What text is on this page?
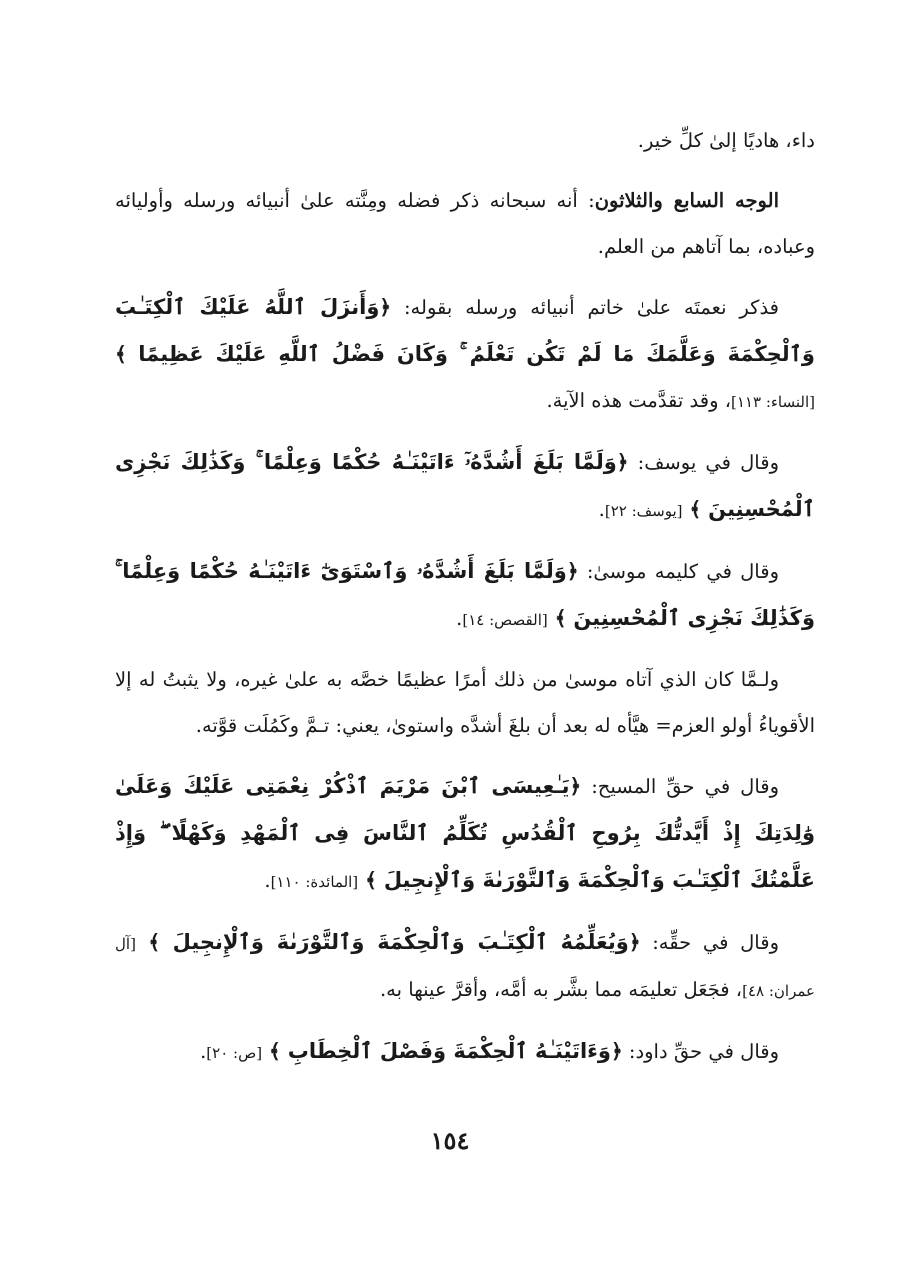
داء، هاديًا إلىٰ كلِّ خير.

الوجه السابع والثلاثون: أنه سبحانه ذكر فضله ومِنَّته علىٰ أنبيائه ورسله وأوليائه وعباده، بما آتاهم من العلم.

فذكر نعمتَه علىٰ خاتم أنبيائه ورسله بقوله: ﴿وَأَنزَلَ ٱللَّهُ عَلَيْكَ ٱلْكِتَـٰبَ وَٱلْحِكْمَةَ وَعَلَّمَكَ مَا لَمْ تَكُن تَعْلَمُ ۚ وَكَانَ فَضْلُ ٱللَّهِ عَلَيْكَ عَظِيمًا ﴾ [النساء: ١١٣]، وقد تقدَّمت هذه الآية.

وقال في يوسف: ﴿وَلَمَّا بَلَغَ أَشُدَّهُۥٓ ءَاتَيْنَـٰهُ حُكْمًا وَعِلْمًا ۚ وَكَذَٰلِكَ نَجْزِى ٱلْمُحْسِنِينَ ﴾ [يوسف: ٢٢].

وقال في كليمه موسىٰ: ﴿وَلَمَّا بَلَغَ أَشُدَّهُۥ وَٱسْتَوَىٰٓ ءَاتَيْنَـٰهُ حُكْمًا وَعِلْمًا ۚ وَكَذَٰلِكَ نَجْزِى ٱلْمُحْسِنِينَ ﴾ [القصص: ١٤].

ولـمَّا كان الذي آتاه موسىٰ من ذلك أمرًا عظيمًا خصَّه به علىٰ غيره، ولا يثبتُ له إلا الأقوياءُ أولو العزم= هيَّأه له بعد أن بلغَ أشدَّه واستوىٰ، يعني: تـمَّ وكَمُلَت قوَّته.

وقال في حقِّ المسيح: ﴿يَـٰعِيسَى ٱبْنَ مَرْيَمَ ٱذْكُرْ نِعْمَتِى عَلَيْكَ وَعَلَىٰ وَٰلِدَتِكَ إِذْ أَيَّدتُّكَ بِرُوحِ ٱلْقُدُسِ تُكَلِّمُ ٱلنَّاسَ فِى ٱلْمَهْدِ وَكَهْلًا ۖ وَإِذْ عَلَّمْتُكَ ٱلْكِتَـٰبَ وَٱلْحِكْمَةَ وَٱلتَّوْرَىٰةَ وَٱلْإِنجِيلَ ﴾ [المائدة: ١١٠].

وقال في حقِّه: ﴿وَيُعَلِّمُهُ ٱلْكِتَـٰبَ وَٱلْحِكْمَةَ وَٱلتَّوْرَىٰةَ وَٱلْإِنجِيلَ ﴾ [آل عمران: ٤٨]، فجَعَل تعليمَه مما بشَّر به أمَّه، وأقرَّ عينها به.

وقال في حقِّ داود: ﴿وَءَاتَيْنَـٰهُ ٱلْحِكْمَةَ وَفَصْلَ ٱلْخِطَابِ ﴾ [ص: ٢٠].

١٥٤
